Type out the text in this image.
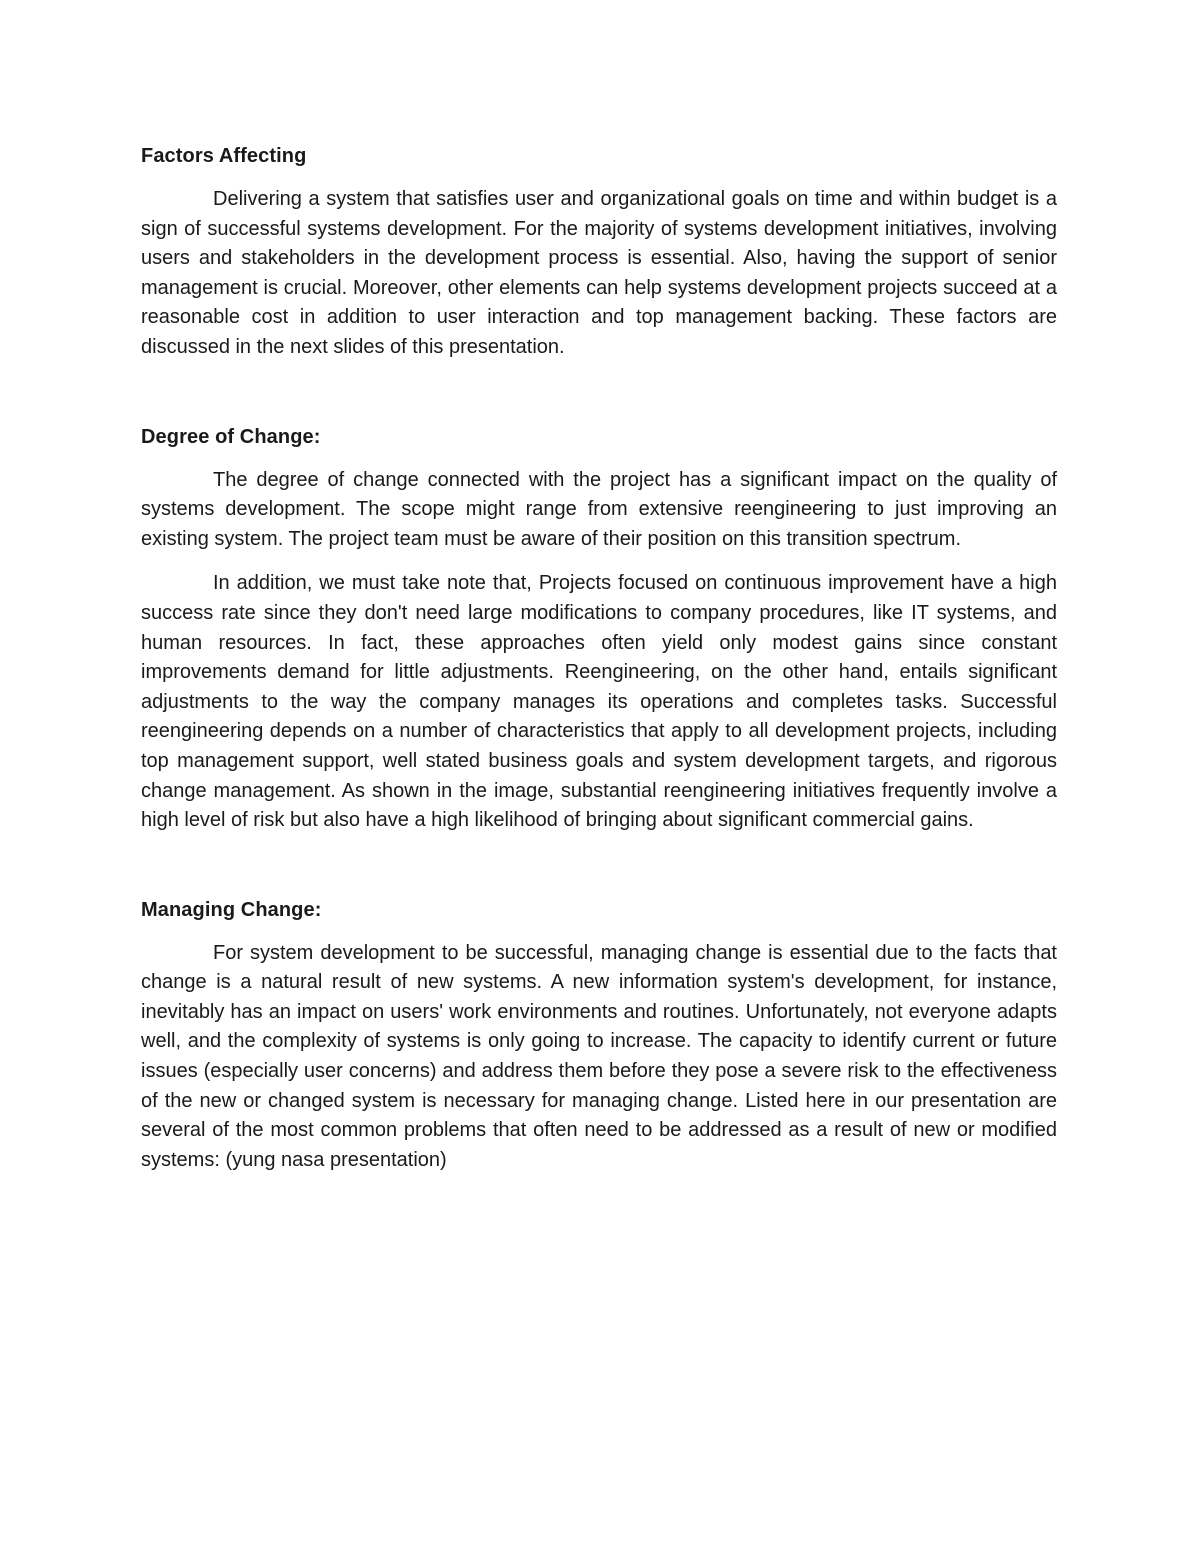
Factors Affecting

Delivering a system that satisfies user and organizational goals on time and within budget is a sign of successful systems development. For the majority of systems development initiatives, involving users and stakeholders in the development process is essential. Also, having the support of senior management is crucial. Moreover, other elements can help systems development projects succeed at a reasonable cost in addition to user interaction and top management backing. These factors are discussed in the next slides of this presentation.

Degree of Change:

The degree of change connected with the project has a significant impact on the quality of systems development. The scope might range from extensive reengineering to just improving an existing system. The project team must be aware of their position on this transition spectrum.

In addition, we must take note that, Projects focused on continuous improvement have a high success rate since they don't need large modifications to company procedures, like IT systems, and human resources. In fact, these approaches often yield only modest gains since constant improvements demand for little adjustments. Reengineering, on the other hand, entails significant adjustments to the way the company manages its operations and completes tasks. Successful reengineering depends on a number of characteristics that apply to all development projects, including top management support, well stated business goals and system development targets, and rigorous change management. As shown in the image, substantial reengineering initiatives frequently involve a high level of risk but also have a high likelihood of bringing about significant commercial gains.

Managing Change:

For system development to be successful, managing change is essential due to the facts that change is a natural result of new systems. A new information system's development, for instance, inevitably has an impact on users' work environments and routines. Unfortunately, not everyone adapts well, and the complexity of systems is only going to increase. The capacity to identify current or future issues (especially user concerns) and address them before they pose a severe risk to the effectiveness of the new or changed system is necessary for managing change. Listed here in our presentation are several of the most common problems that often need to be addressed as a result of new or modified systems: (yung nasa presentation)
